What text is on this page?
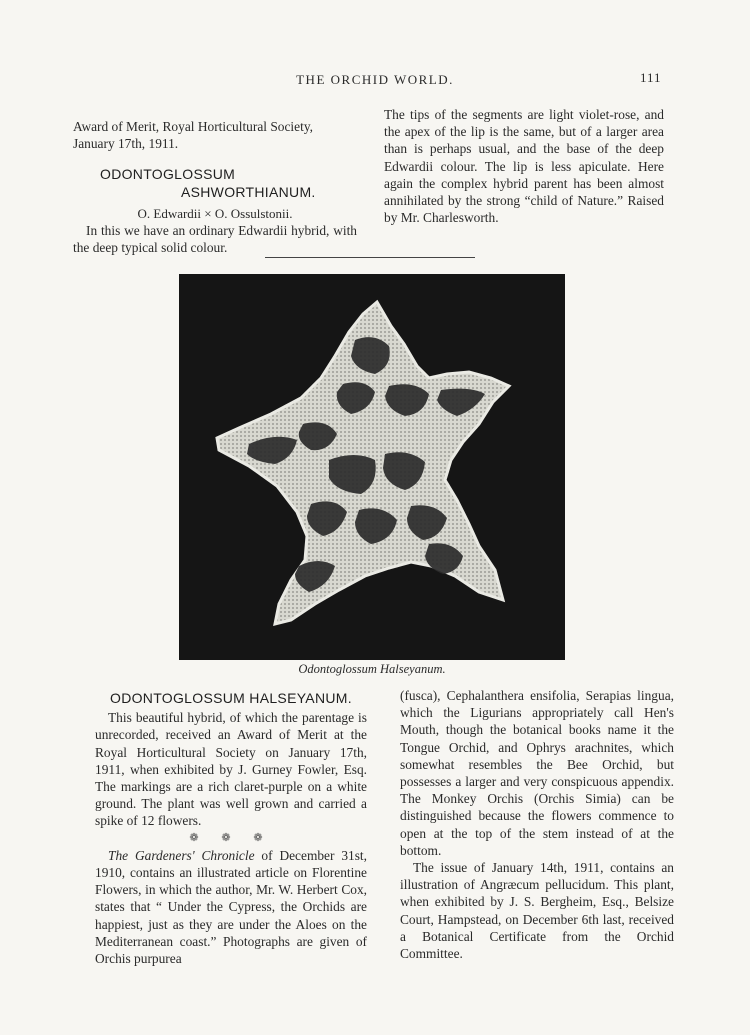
THE ORCHID WORLD.	111

Award of Merit, Royal Horticultural Society, January 17th, 1911.

ODONTOGLOSSUM
ASHWORTHIANUM.

O. Edwardii × O. Ossulstonii.

In this we have an ordinary Edwardii hybrid, with the deep typical solid colour.

The tips of the segments are light violet-rose, and the apex of the lip is the same, but of a larger area than is perhaps usual, and the base of the deep Edwardii colour. The lip is less apiculate. Here again the complex hybrid parent has been almost annihilated by the strong “child of Nature.” Raised by Mr. Charlesworth.

Odontoglossum Halseyanum.
ODONTOGLOSSUM HALSEYANUM.

This beautiful hybrid, of which the parentage is unrecorded, received an Award of Merit at the Royal Horticultural Society on January 17th, 1911, when exhibited by J. Gurney Fowler, Esq. The markings are a rich claret-purple on a white ground. The plant was well grown and carried a spike of 12 flowers.

❁ ❁ ❁

The Gardeners' Chronicle of December 31st, 1910, contains an illustrated article on Florentine Flowers, in which the author, Mr. W. Herbert Cox, states that “ Under the Cypress, the Orchids are happiest, just as they are under the Aloes on the Mediterranean coast.” Photographs are given of Orchis purpurea

(fusca), Cephalanthera ensifolia, Serapias lingua, which the Ligurians appropriately call Hen's Mouth, though the botanical books name it the Tongue Orchid, and Ophrys arachnites, which somewhat resembles the Bee Orchid, but possesses a larger and very conspicuous appendix. The Monkey Orchis (Orchis Simia) can be distinguished because the flowers commence to open at the top of the stem instead of at the bottom.

The issue of January 14th, 1911, contains an illustration of Angræcum pellucidum. This plant, when exhibited by J. S. Bergheim, Esq., Belsize Court, Hampstead, on December 6th last, received a Botanical Certificate from the Orchid Committee.
